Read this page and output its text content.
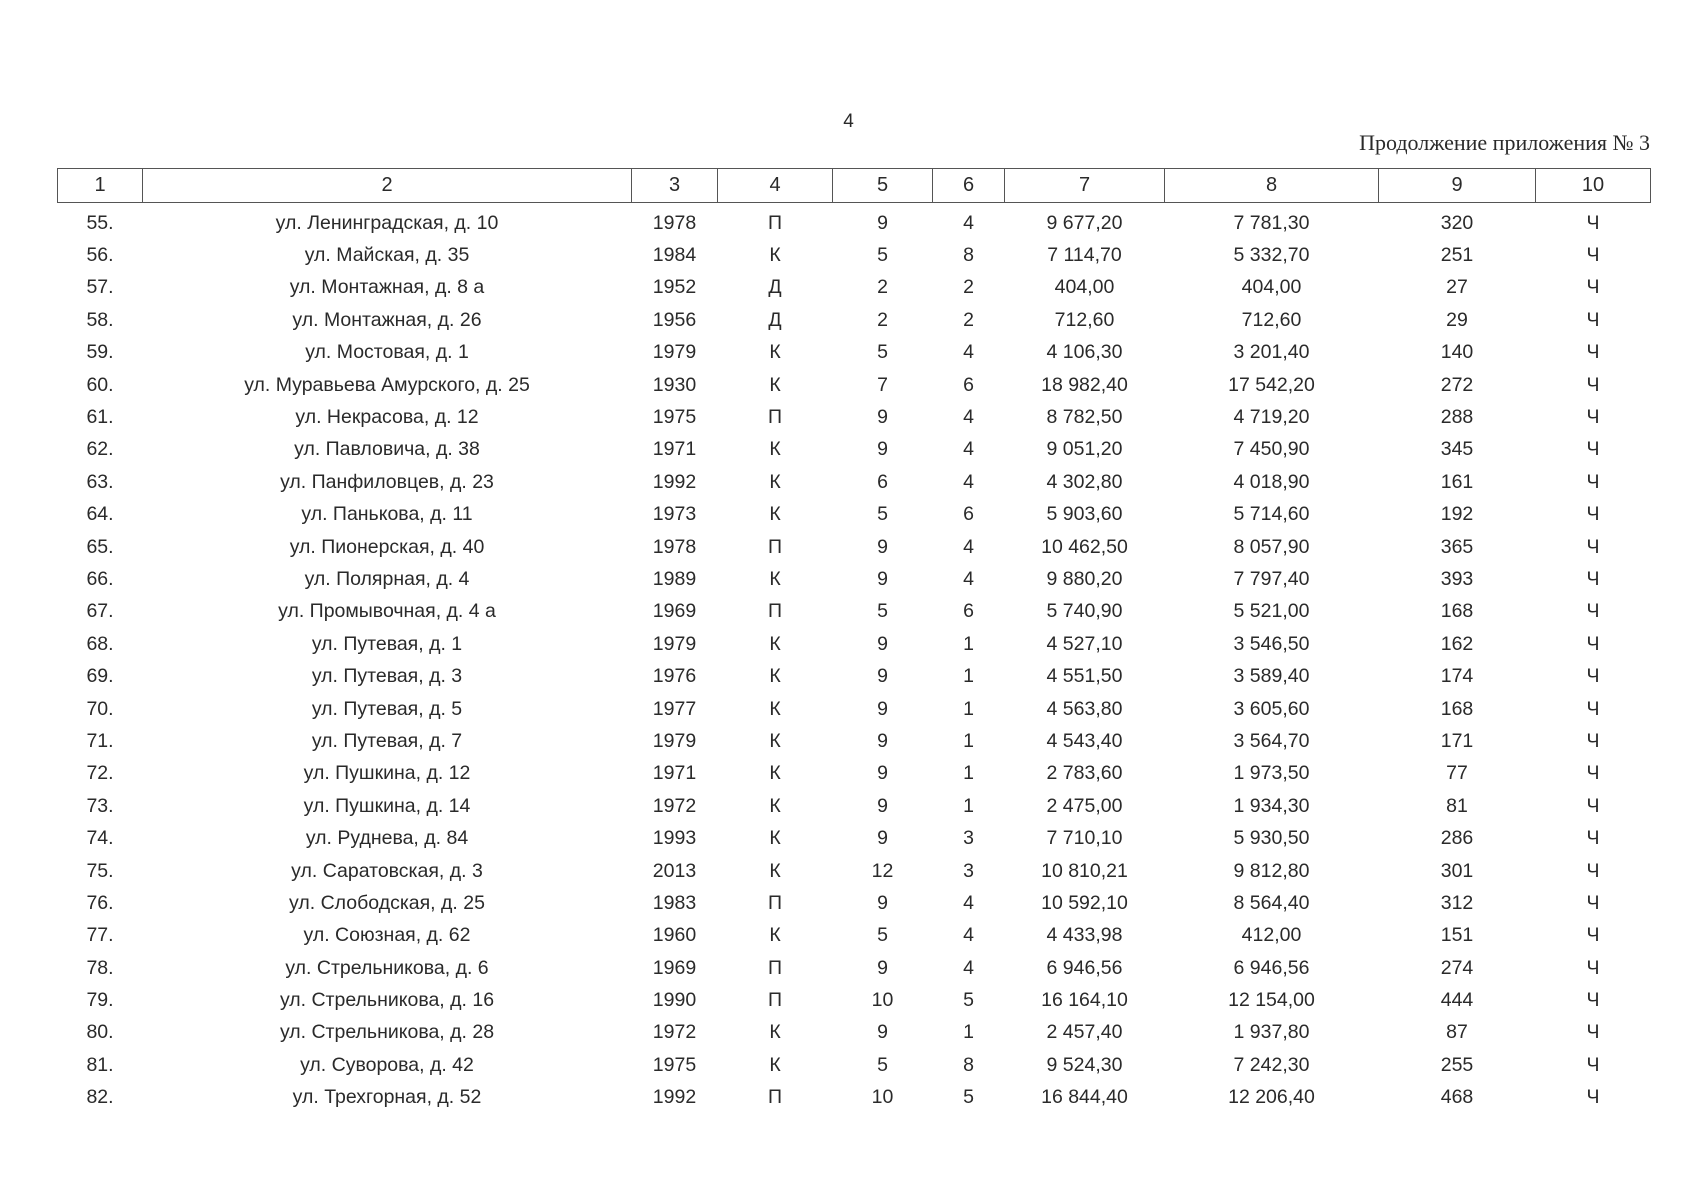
4
Продолжение приложения № 3
1	2	3	4	5	6	7	8	9	10
55.	ул. Ленинградская, д. 10	1978	П	9	4	9 677,20	7 781,30	320	Ч
56.	ул. Майская, д. 35	1984	К	5	8	7 114,70	5 332,70	251	Ч
57.	ул. Монтажная, д. 8 а	1952	Д	2	2	404,00	404,00	27	Ч
58.	ул. Монтажная, д. 26	1956	Д	2	2	712,60	712,60	29	Ч
59.	ул. Мостовая, д. 1	1979	К	5	4	4 106,30	3 201,40	140	Ч
60.	ул. Муравьева Амурского, д. 25	1930	К	7	6	18 982,40	17 542,20	272	Ч
61.	ул. Некрасова, д. 12	1975	П	9	4	8 782,50	4 719,20	288	Ч
62.	ул. Павловича, д. 38	1971	К	9	4	9 051,20	7 450,90	345	Ч
63.	ул. Панфиловцев, д. 23	1992	К	6	4	4 302,80	4 018,90	161	Ч
64.	ул. Панькова, д. 11	1973	К	5	6	5 903,60	5 714,60	192	Ч
65.	ул. Пионерская, д. 40	1978	П	9	4	10 462,50	8 057,90	365	Ч
66.	ул. Полярная, д. 4	1989	К	9	4	9 880,20	7 797,40	393	Ч
67.	ул. Промывочная, д. 4 а	1969	П	5	6	5 740,90	5 521,00	168	Ч
68.	ул. Путевая, д. 1	1979	К	9	1	4 527,10	3 546,50	162	Ч
69.	ул. Путевая, д. 3	1976	К	9	1	4 551,50	3 589,40	174	Ч
70.	ул. Путевая, д. 5	1977	К	9	1	4 563,80	3 605,60	168	Ч
71.	ул. Путевая, д. 7	1979	К	9	1	4 543,40	3 564,70	171	Ч
72.	ул. Пушкина, д. 12	1971	К	9	1	2 783,60	1 973,50	77	Ч
73.	ул. Пушкина, д. 14	1972	К	9	1	2 475,00	1 934,30	81	Ч
74.	ул. Руднева, д. 84	1993	К	9	3	7 710,10	5 930,50	286	Ч
75.	ул. Саратовская, д. 3	2013	К	12	3	10 810,21	9 812,80	301	Ч
76.	ул. Слободская, д. 25	1983	П	9	4	10 592,10	8 564,40	312	Ч
77.	ул. Союзная, д. 62	1960	К	5	4	4 433,98	412,00	151	Ч
78.	ул. Стрельникова, д. 6	1969	П	9	4	6 946,56	6 946,56	274	Ч
79.	ул. Стрельникова, д. 16	1990	П	10	5	16 164,10	12 154,00	444	Ч
80.	ул. Стрельникова, д. 28	1972	К	9	1	2 457,40	1 937,80	87	Ч
81.	ул. Суворова, д. 42	1975	К	5	8	9 524,30	7 242,30	255	Ч
82.	ул. Трехгорная, д. 52	1992	П	10	5	16 844,40	12 206,40	468	Ч
